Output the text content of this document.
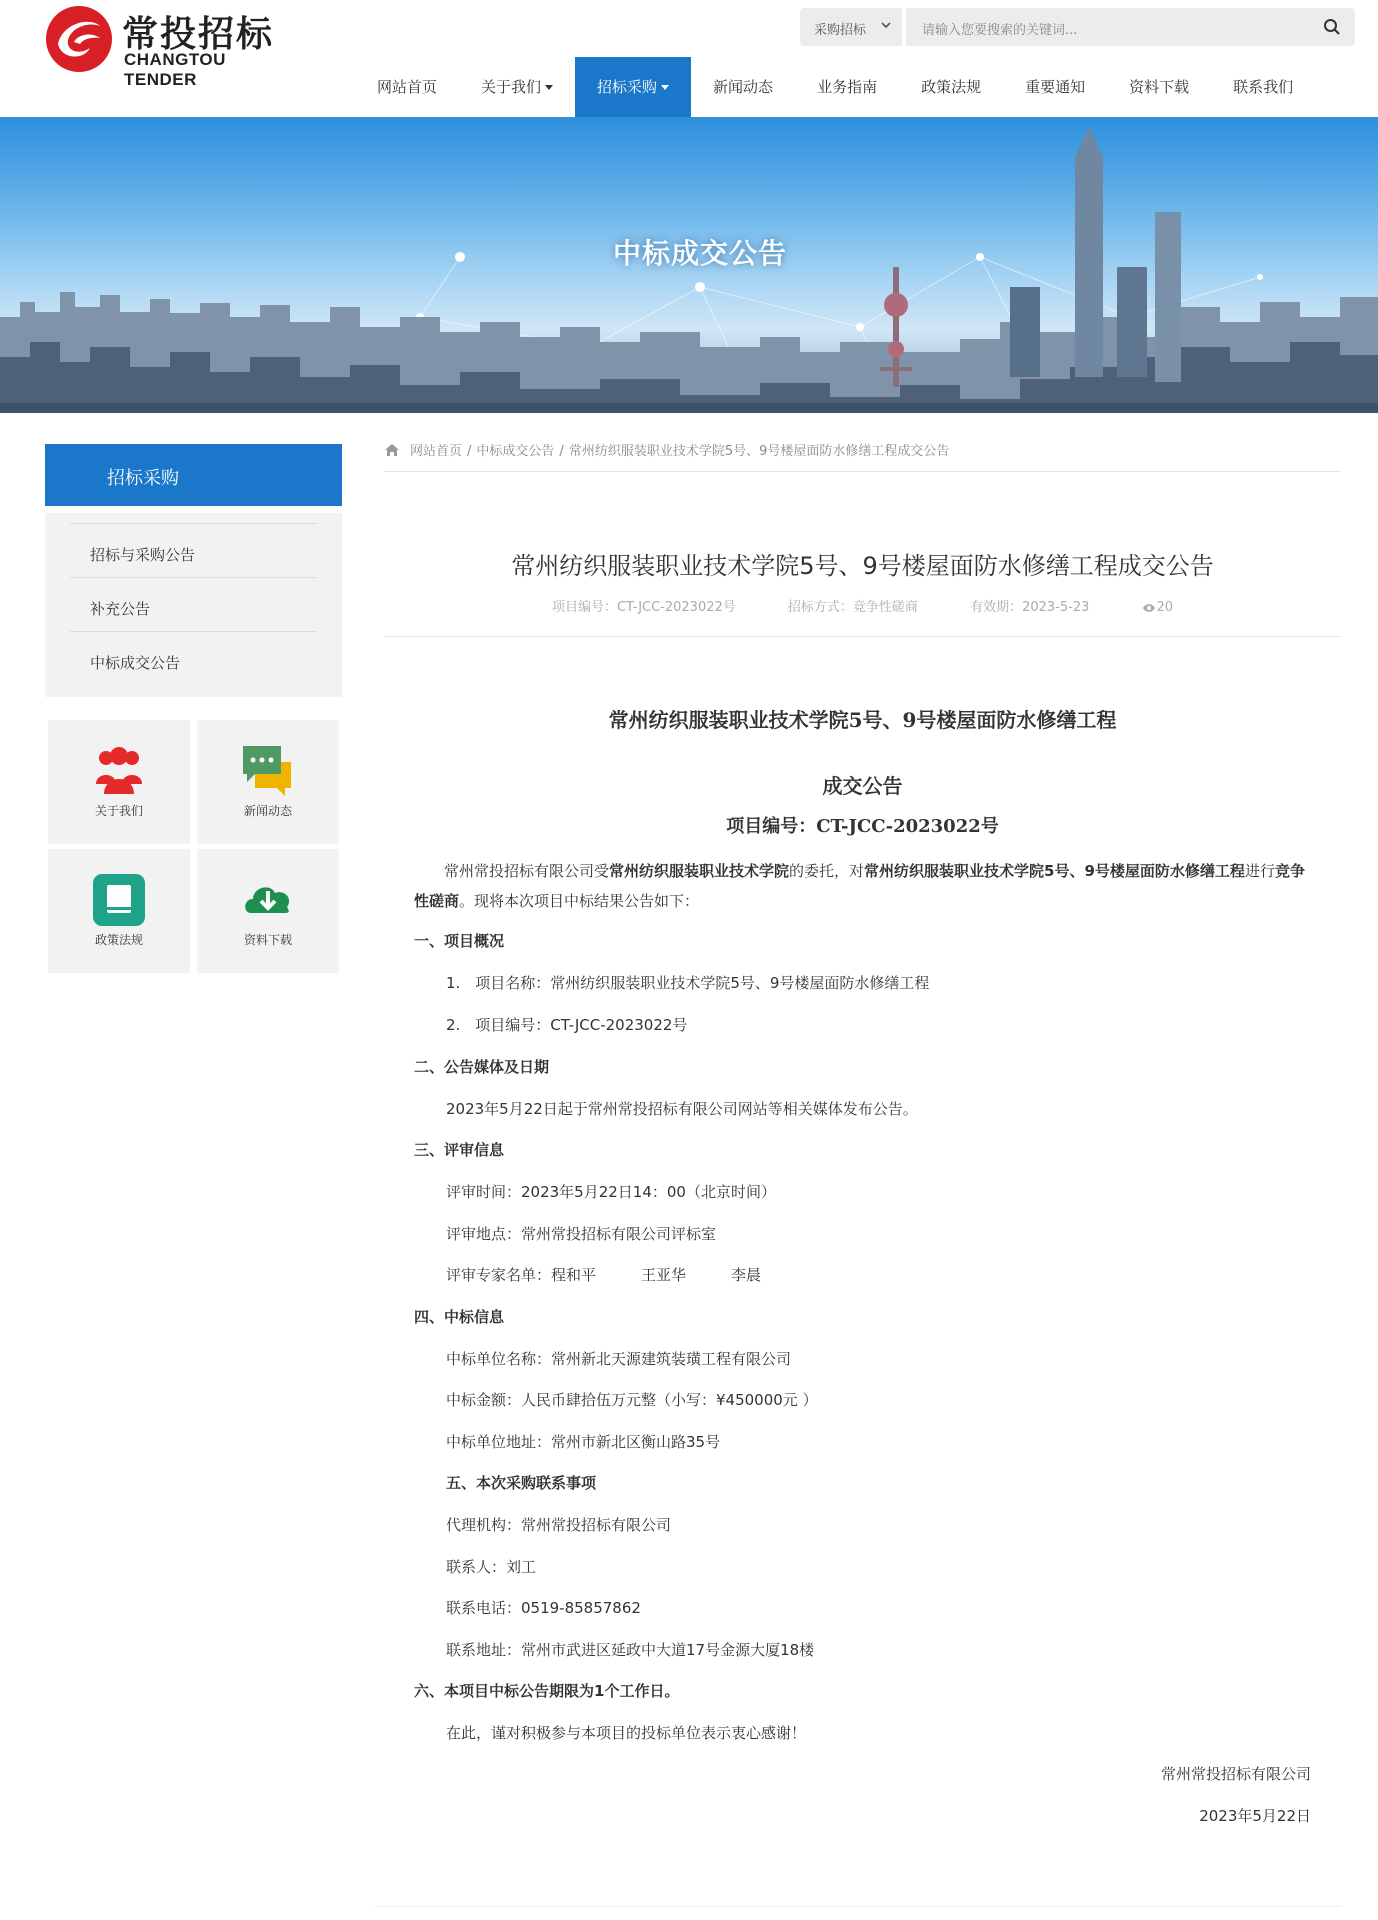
常投招标
CHANGTOU TENDER
采购招标	请输入您要搜索的关键词...
网站首页	关于我们	招标采购	新闻动态	业务指南	政策法规	重要通知	资料下载	联系我们
中标成交公告
招标采购
招标与采购公告
补充公告
中标成交公告
关于我们	新闻动态
政策法规	资料下载
网站首页 / 中标成交公告 / 常州纺织服装职业技术学院5号、9号楼屋面防水修缮工程成交公告
常州纺织服装职业技术学院5号、9号楼屋面防水修缮工程成交公告
项目编号：CT-JCC-2023022号	招标方式：竞争性磋商	有效期：2023-5-23	20
常州纺织服装职业技术学院5号、9号楼屋面防水修缮工程
成交公告
项目编号：CT-JCC-2023022号
常州常投招标有限公司受常州纺织服装职业技术学院的委托，对常州纺织服装职业技术学院5号、9号楼屋面防水修缮工程进行竞争性磋商。现将本次项目中标结果公告如下：
一、项目概况
1.　项目名称：常州纺织服装职业技术学院5号、9号楼屋面防水修缮工程
2.　项目编号：CT-JCC-2023022号
二、公告媒体及日期
2023年5月22日起于常州常投招标有限公司网站等相关媒体发布公告。
三、评审信息
评审时间：2023年5月22日14：00（北京时间）
评审地点：常州常投招标有限公司评标室
评审专家名单：程和平　　　王亚华　　　李晨
四、中标信息
中标单位名称：常州新北天源建筑装璜工程有限公司
中标金额：人民币肆拾伍万元整（小写：¥450000元 ）
中标单位地址：常州市新北区衡山路35号
五、本次采购联系事项
代理机构：常州常投招标有限公司
联系人：刘工
联系电话：0519-85857862
联系地址：常州市武进区延政中大道17号金源大厦18楼
六、本项目中标公告期限为1个工作日。
在此，谨对积极参与本项目的投标单位表示衷心感谢！
常州常投招标有限公司
2023年5月22日
